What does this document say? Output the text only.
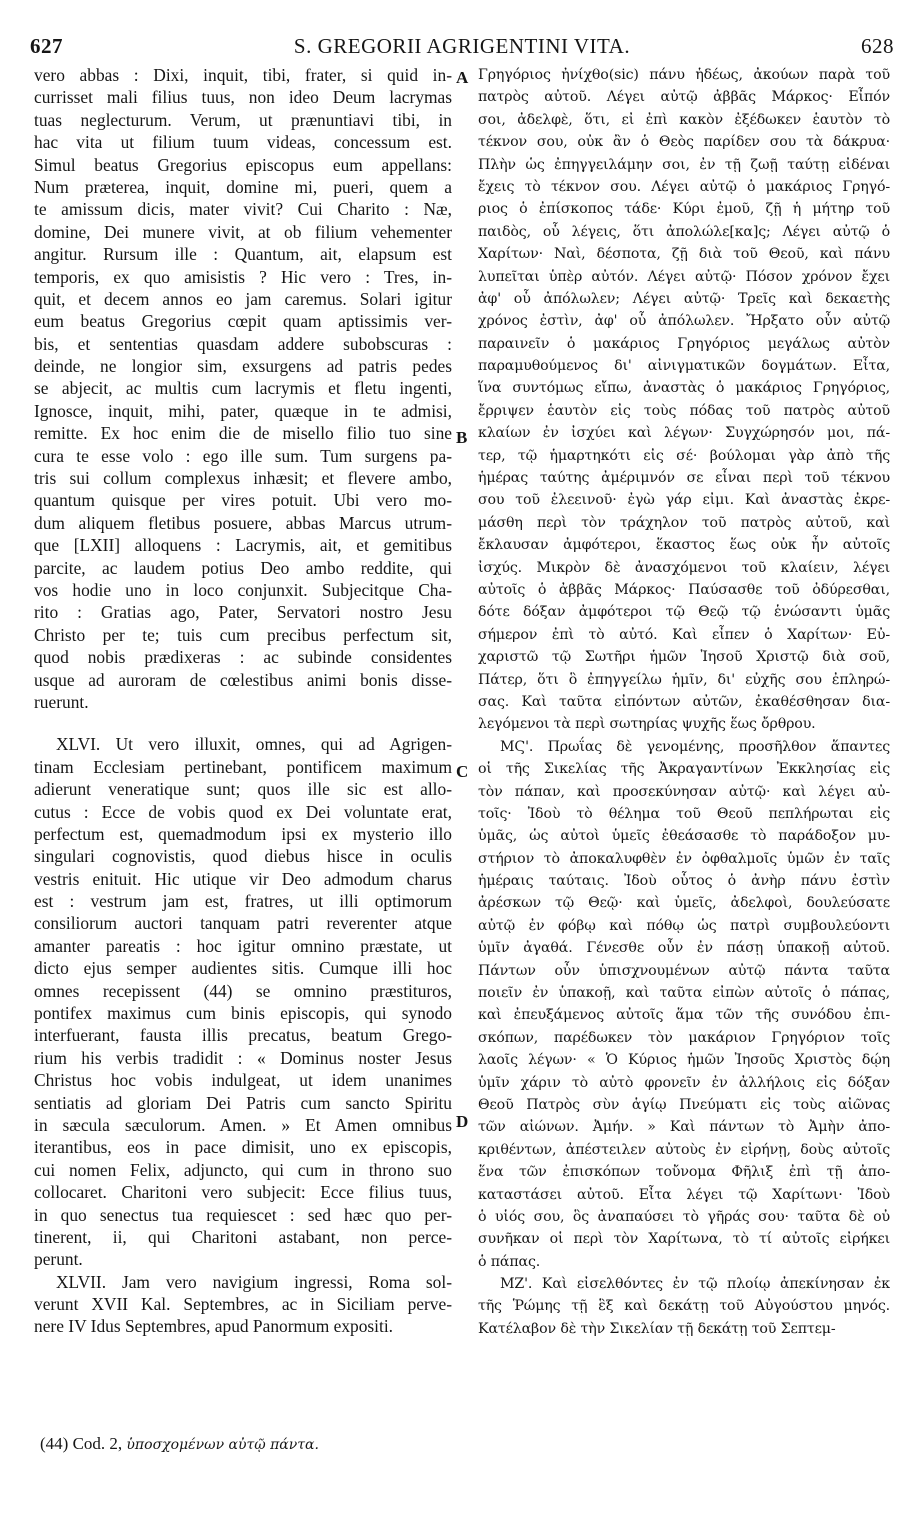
627	S. GREGORII AGRIGENTINI VITA.	628
vero abbas : Dixi, inquit, tibi, frater, si quid in-
currisset mali filius tuus, non ideo Deum lacrymas
tuas neglecturum. Verum, ut prænuntiavi tibi, in
hac vita ut filium tuum videas, concessum est.
Simul beatus Gregorius episcopus eum appellans:
Num præterea, inquit, domine mi, pueri, quem a
te amissum dicis, mater vivit? Cui Charito : Næ,
domine, Dei munere vivit, at ob filium vehementer
angitur. Rursum ille : Quantum, ait, elapsum est
temporis, ex quo amisistis ? Hic vero : Tres, in-
quit, et decem annos eo jam caremus. Solari igitur
eum beatus Gregorius cœpit quam aptissimis ver-
bis, et sententias quasdam addere subobscuras :
deinde, ne longior sim, exsurgens ad patris pedes
se abjecit, ac multis cum lacrymis et fletu ingenti,
Ignosce, inquit, mihi, pater, quæque in te admisi,
remitte. Ex hoc enim die de misello filio tuo sine
cura te esse volo : ego ille sum. Tum surgens pa-
tris sui collum complexus inhæsit; et flevere ambo,
quantum quisque per vires potuit. Ubi vero mo-
dum aliquem fletibus posuere, abbas Marcus utrum-
que [LXII] alloquens : Lacrymis, ait, et gemitibus
parcite, ac laudem potius Deo ambo reddite, qui
vos hodie uno in loco conjunxit. Subjecitque Cha-
rito : Gratias ago, Pater, Servatori nostro Jesu
Christo per te; tuis cum precibus perfectum sit,
quod nobis prædixeras : ac subinde considentes
usque ad auroram de cœlestibus animi bonis disse-
ruerunt.
XLVI. Ut vero illuxit, omnes, qui ad Agrigen-
tinam Ecclesiam pertinebant, pontificem maximum
adierunt veneratique sunt; quos ille sic est allo-
cutus : Ecce de vobis quod ex Dei voluntate erat,
perfectum est, quemadmodum ipsi ex mysterio illo
singulari cognovistis, quod diebus hisce in oculis
vestris enituit. Hic utique vir Deo admodum charus
est : vestrum jam est, fratres, ut illi optimorum
consiliorum auctori tanquam patri reverenter atque
amanter pareatis : hoc igitur omnino præstate, ut
dicto ejus semper audientes sitis. Cumque illi hoc
omnes recepissent (44) se omnino præstituros,
pontifex maximus cum binis episcopis, qui synodo
interfuerant, fausta illis precatus, beatum Grego-
rium his verbis tradidit : « Dominus noster Jesus
Christus hoc vobis indulgeat, ut idem unanimes
sentiatis ad gloriam Dei Patris cum sancto Spiritu
in sæcula sæculorum. Amen. » Et Amen omnibus
iterantibus, eos in pace dimisit, uno ex episcopis,
cui nomen Felix, adjuncto, qui cum in throno suo
collocaret. Charitoni vero subjecit: Ecce filius tuus,
in quo senectus tua requiescet : sed hæc quo per-
tinerent, ii, qui Charitoni astabant, non perce-
perunt.
XLVII. Jam vero navigium ingressi, Roma sol-
verunt XVII Kal. Septembres, ac in Siciliam perve-
nere IV Idus Septembres, apud Panormum expositi.
Γρηγόριος ἠνίχθο(sic) πάνυ ἡδέως, ἀκούων παρὰ τοῦ
πατρὸς αὐτοῦ. Λέγει αὐτῷ ἀββᾶς Μάρκος· Εἶπόν
σοι, ἀδελφὲ, ὅτι, εἰ ἐπὶ κακὸν ἐξέδωκεν ἑαυτὸν τὸ
τέκνον σου, οὐκ ἂν ὁ Θεὸς παρίδεν σου τὰ δάκρυα·
Πλὴν ὡς ἐπηγγειλάμην σοι, ἐν τῇ ζωῇ ταύτῃ εἰδέναι
ἔχεις τὸ τέκνον σου. Λέγει αὐτῷ ὁ μακάριος Γρηγό-
ριος ὁ ἐπίσκοπος τάδε· Κύρι ἐμοῦ, ζῇ ἡ μήτηρ τοῦ
παιδὸς, οὗ λέγεις, ὅτι ἀπολώλε[κα]ς; Λέγει αὐτῷ ὁ
Χαρίτων· Ναὶ, δέσποτα, ζῇ διὰ τοῦ Θεοῦ, καὶ πάνυ
λυπεῖται ὑπὲρ αὐτόν. Λέγει αὐτῷ· Πόσον χρόνον ἔχει
ἀφ' οὗ ἀπόλωλεν; Λέγει αὐτῷ· Τρεῖς καὶ δεκαετὴς
χρόνος ἐστὶν, ἀφ' οὗ ἀπόλωλεν. Ἤρξατο οὖν αὐτῷ
παραινεῖν ὁ μακάριος Γρηγόριος μεγάλως αὐτὸν
παραμυθούμενος δι' αἰνιγματικῶν δογμάτων. Εἶτα,
ἵνα συντόμως εἴπω, ἀναστὰς ὁ μακάριος Γρηγόριος,
ἔρριψεν ἑαυτὸν εἰς τοὺς πόδας τοῦ πατρὸς αὐτοῦ
κλαίων ἐν ἰσχύει καὶ λέγων· Συγχώρησόν μοι, πά-
τερ, τῷ ἡμαρτηκότι εἰς σέ· βούλομαι γὰρ ἀπὸ τῆς
ἡμέρας ταύτης ἀμέριμνόν σε εἶναι περὶ τοῦ τέκνου
σου τοῦ ἐλεεινοῦ· ἐγὼ γάρ εἰμι. Καὶ ἀναστὰς ἐκρε-
μάσθη περὶ τὸν τράχηλον τοῦ πατρὸς αὐτοῦ, καὶ
ἔκλαυσαν ἀμφότεροι, ἕκαστος ἕως οὐκ ἦν αὐτοῖς
ἰσχύς. Μικρὸν δὲ ἀνασχόμενοι τοῦ κλαίειν, λέγει
αὐτοῖς ὁ ἀββᾶς Μάρκος· Παύσασθε τοῦ ὀδύρεσθαι,
δότε δόξαν ἀμφότεροι τῷ Θεῷ τῷ ἑνώσαντι ὑμᾶς
σήμερον ἐπὶ τὸ αὐτό. Καὶ εἶπεν ὁ Χαρίτων· Εὐ-
χαριστῶ τῷ Σωτῆρι ἡμῶν Ἰησοῦ Χριστῷ διὰ σοῦ,
Πάτερ, ὅτι ὃ ἐπηγγείλω ἡμῖν, δι' εὐχῆς σου ἐπληρώ-
σας. Καὶ ταῦτα εἰπόντων αὐτῶν, ἐκαθέσθησαν δια-
λεγόμενοι τὰ περὶ σωτηρίας ψυχῆς ἕως ὄρθρου.
ΜϚ'. Πρωΐας δὲ γενομένης, προσῆλθον ἅπαντες
οἱ τῆς Σικελίας τῆς Ἀκραγαντίνων Ἐκκλησίας εἰς
τὸν πάπαν, καὶ προσεκύνησαν αὐτῷ· καὶ λέγει αὐ-
τοῖς· Ἰδοὺ τὸ θέλημα τοῦ Θεοῦ πεπλήρωται εἰς
ὑμᾶς, ὡς αὐτοὶ ὑμεῖς ἐθεάσασθε τὸ παράδοξον μυ-
στήριον τὸ ἀποκαλυφθὲν ἐν ὀφθαλμοῖς ὑμῶν ἐν ταῖς
ἡμέραις ταύταις. Ἰδοὺ οὗτος ὁ ἀνὴρ πάνυ ἐστὶν
ἀρέσκων τῷ Θεῷ· καὶ ὑμεῖς, ἀδελφοὶ, δουλεύσατε
αὐτῷ ἐν φόβῳ καὶ πόθῳ ὡς πατρὶ συμβουλεύοντι
ὑμῖν ἀγαθά. Γένεσθε οὖν ἐν πάσῃ ὑπακοῇ αὐτοῦ.
Πάντων οὖν ὑπισχνουμένων αὐτῷ πάντα ταῦτα
ποιεῖν ἐν ὑπακοῇ, καὶ ταῦτα εἰπὼν αὐτοῖς ὁ πάπας,
καὶ ἐπευξάμενος αὐτοῖς ἅμα τῶν τῆς συνόδου ἐπι-
σκόπων, παρέδωκεν τὸν μακάριον Γρηγόριον τοῖς
λαοῖς λέγων· « Ὁ Κύριος ἡμῶν Ἰησοῦς Χριστὸς δῴη
ὑμῖν χάριν τὸ αὐτὸ φρονεῖν ἐν ἀλλήλοις εἰς δόξαν
Θεοῦ Πατρὸς σὺν ἁγίῳ Πνεύματι εἰς τοὺς αἰῶνας
τῶν αἰώνων. Ἀμήν. » Καὶ πάντων τὸ Ἀμὴν ἀπο-
κριθέντων, ἀπέστειλεν αὐτοὺς ἐν εἰρήνῃ, δοὺς αὐτοῖς
ἕνα τῶν ἐπισκόπων τοὔνομα Φῆλιξ ἐπὶ τῇ ἀπο-
καταστάσει αὐτοῦ. Εἶτα λέγει τῷ Χαρίτωνι· Ἰδοὺ
ὁ υἱός σου, ὃς ἀναπαύσει τὸ γῆράς σου· ταῦτα δὲ οὐ
συνῆκαν οἱ περὶ τὸν Χαρίτωνα, τὸ τί αὐτοῖς εἰρήκει
ὁ πάπας.
ΜΖ'. Καὶ εἰσελθόντες ἐν τῷ πλοίῳ ἀπεκίνησαν ἐκ
τῆς Ῥώμης τῇ ἓξ καὶ δεκάτῃ τοῦ Αὐγούστου μηνός.
Κατέλαβον δὲ τὴν Σικελίαν τῇ δεκάτῃ τοῦ Σεπτεμ-
A
B
C
D
(44) Cod. 2, ὑποσχομένων αὐτῷ πάντα.
